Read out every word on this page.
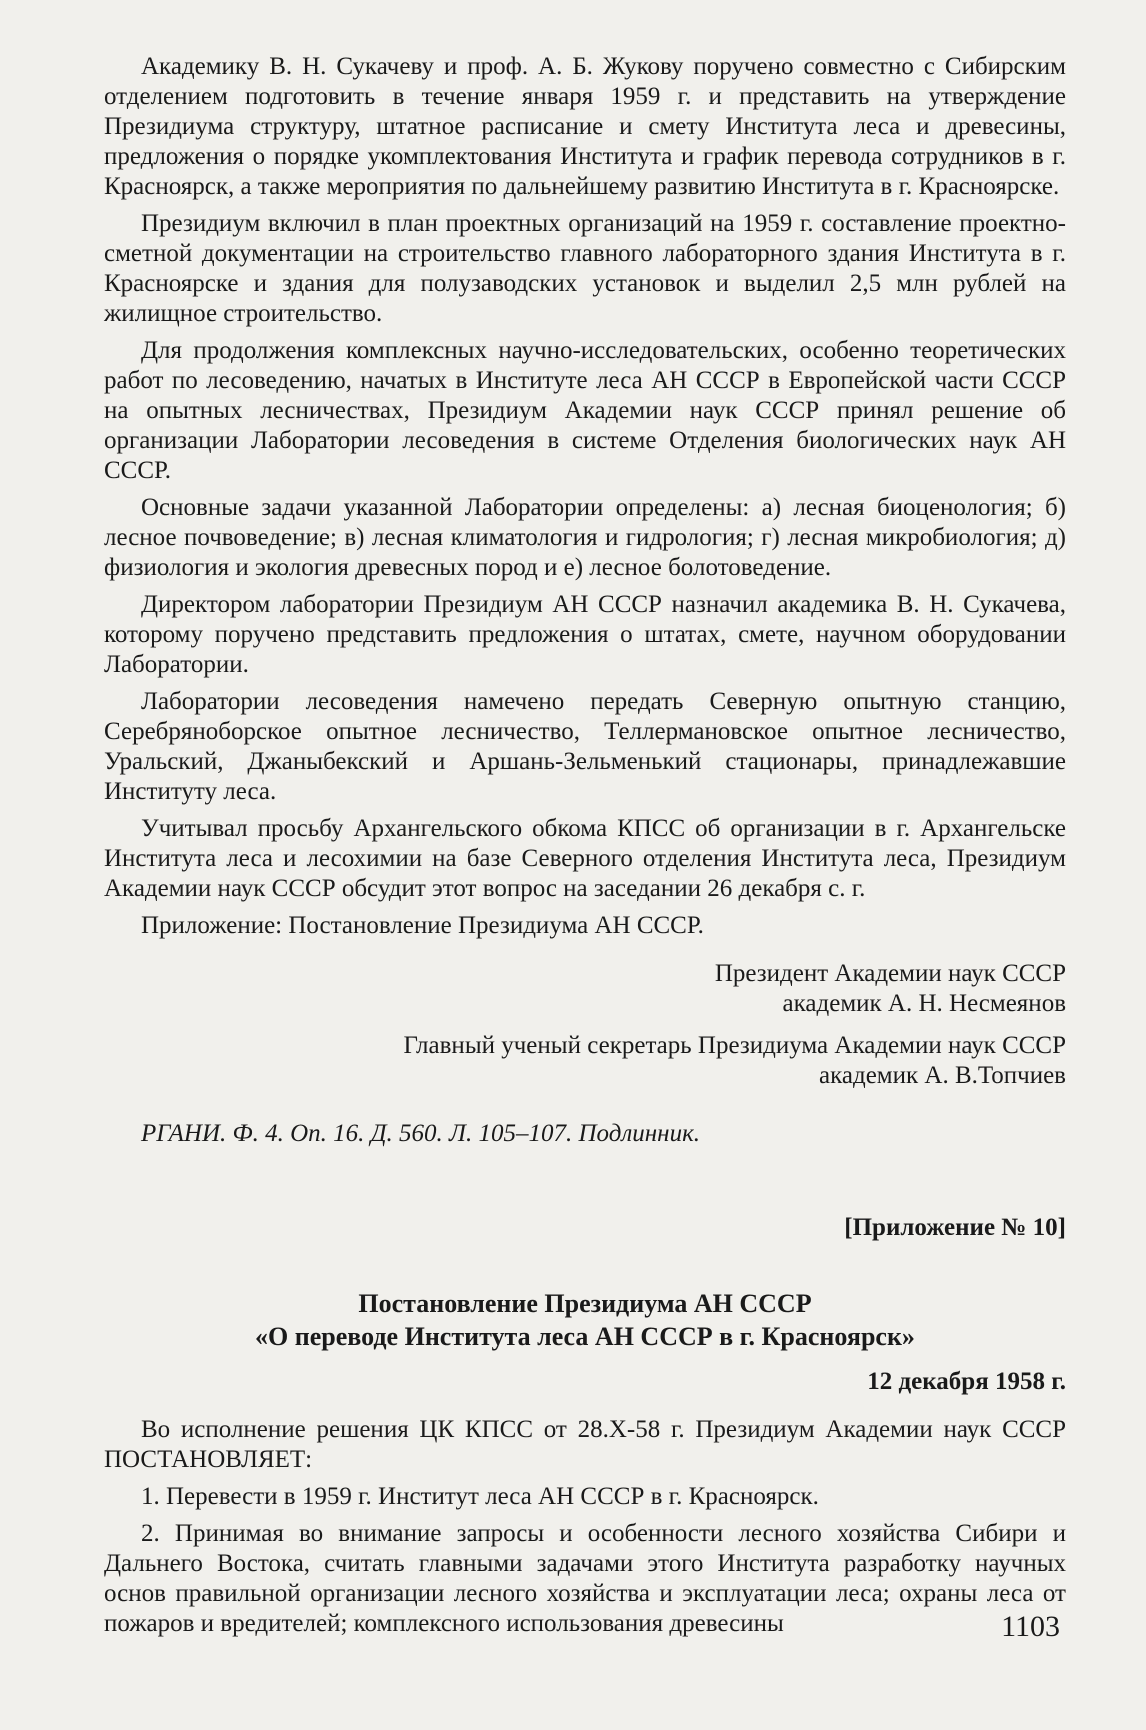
Академику В. Н. Сукачеву и проф. А. Б. Жукову поручено совместно с Сибирским отделением подготовить в течение января 1959 г. и представить на утверждение Президиума структуру, штатное расписание и смету Института леса и древесины, предложения о порядке укомплектования Института и график перевода сотрудников в г. Красноярск, а также мероприятия по дальнейшему развитию Института в г. Красноярске.

Президиум включил в план проектных организаций на 1959 г. составление проектно-сметной документации на строительство главного лабораторного здания Института в г. Красноярске и здания для полузаводских установок и выделил 2,5 млн рублей на жилищное строительство.

Для продолжения комплексных научно-исследовательских, особенно теоретических работ по лесоведению, начатых в Институте леса АН СССР в Европейской части СССР на опытных лесничествах, Президиум Академии наук СССР принял решение об организации Лаборатории лесоведения в системе Отделения биологических наук АН СССР.

Основные задачи указанной Лаборатории определены: а) лесная биоценология; б) лесное почвоведение; в) лесная климатология и гидрология; г) лесная микробиология; д) физиология и экология древесных пород и е) лесное болотоведение.

Директором лаборатории Президиум АН СССР назначил академика В. Н. Сукачева, которому поручено представить предложения о штатах, смете, научном оборудовании Лаборатории.

Лаборатории лесоведения намечено передать Северную опытную станцию, Серебряноборское опытное лесничество, Теллермановское опытное лесничество, Уральский, Джаныбекский и Аршань-Зельменький стационары, принадлежавшие Институту леса.

Учитывал просьбу Архангельского обкома КПСС об организации в г. Архангельске Института леса и лесохимии на базе Северного отделения Института леса, Президиум Академии наук СССР обсудит этот вопрос на заседании 26 декабря с. г.

Приложение: Постановление Президиума АН СССР.

Президент Академии наук СССР

академик А. Н. Несмеянов

Главный ученый секретарь Президиума Академии наук СССР

академик А. В.Топчиев

РГАНИ. Ф. 4. Оп. 16. Д. 560. Л. 105–107. Подлинник.

[Приложение № 10]

Постановление Президиума АН СССР
«О переводе Института леса АН СССР в г. Красноярск»

12 декабря 1958 г.

Во исполнение решения ЦК КПСС от 28.Х-58 г. Президиум Академии наук СССР ПОСТАНОВЛЯЕТ:

1. Перевести в 1959 г. Институт леса АН СССР в г. Красноярск.

2. Принимая во внимание запросы и особенности лесного хозяйства Сибири и Дальнего Востока, считать главными задачами этого Института разработку научных основ правильной организации лесного хозяйства и эксплуатации леса; охраны леса от пожаров и вредителей; комплексного использования древесины	1103
